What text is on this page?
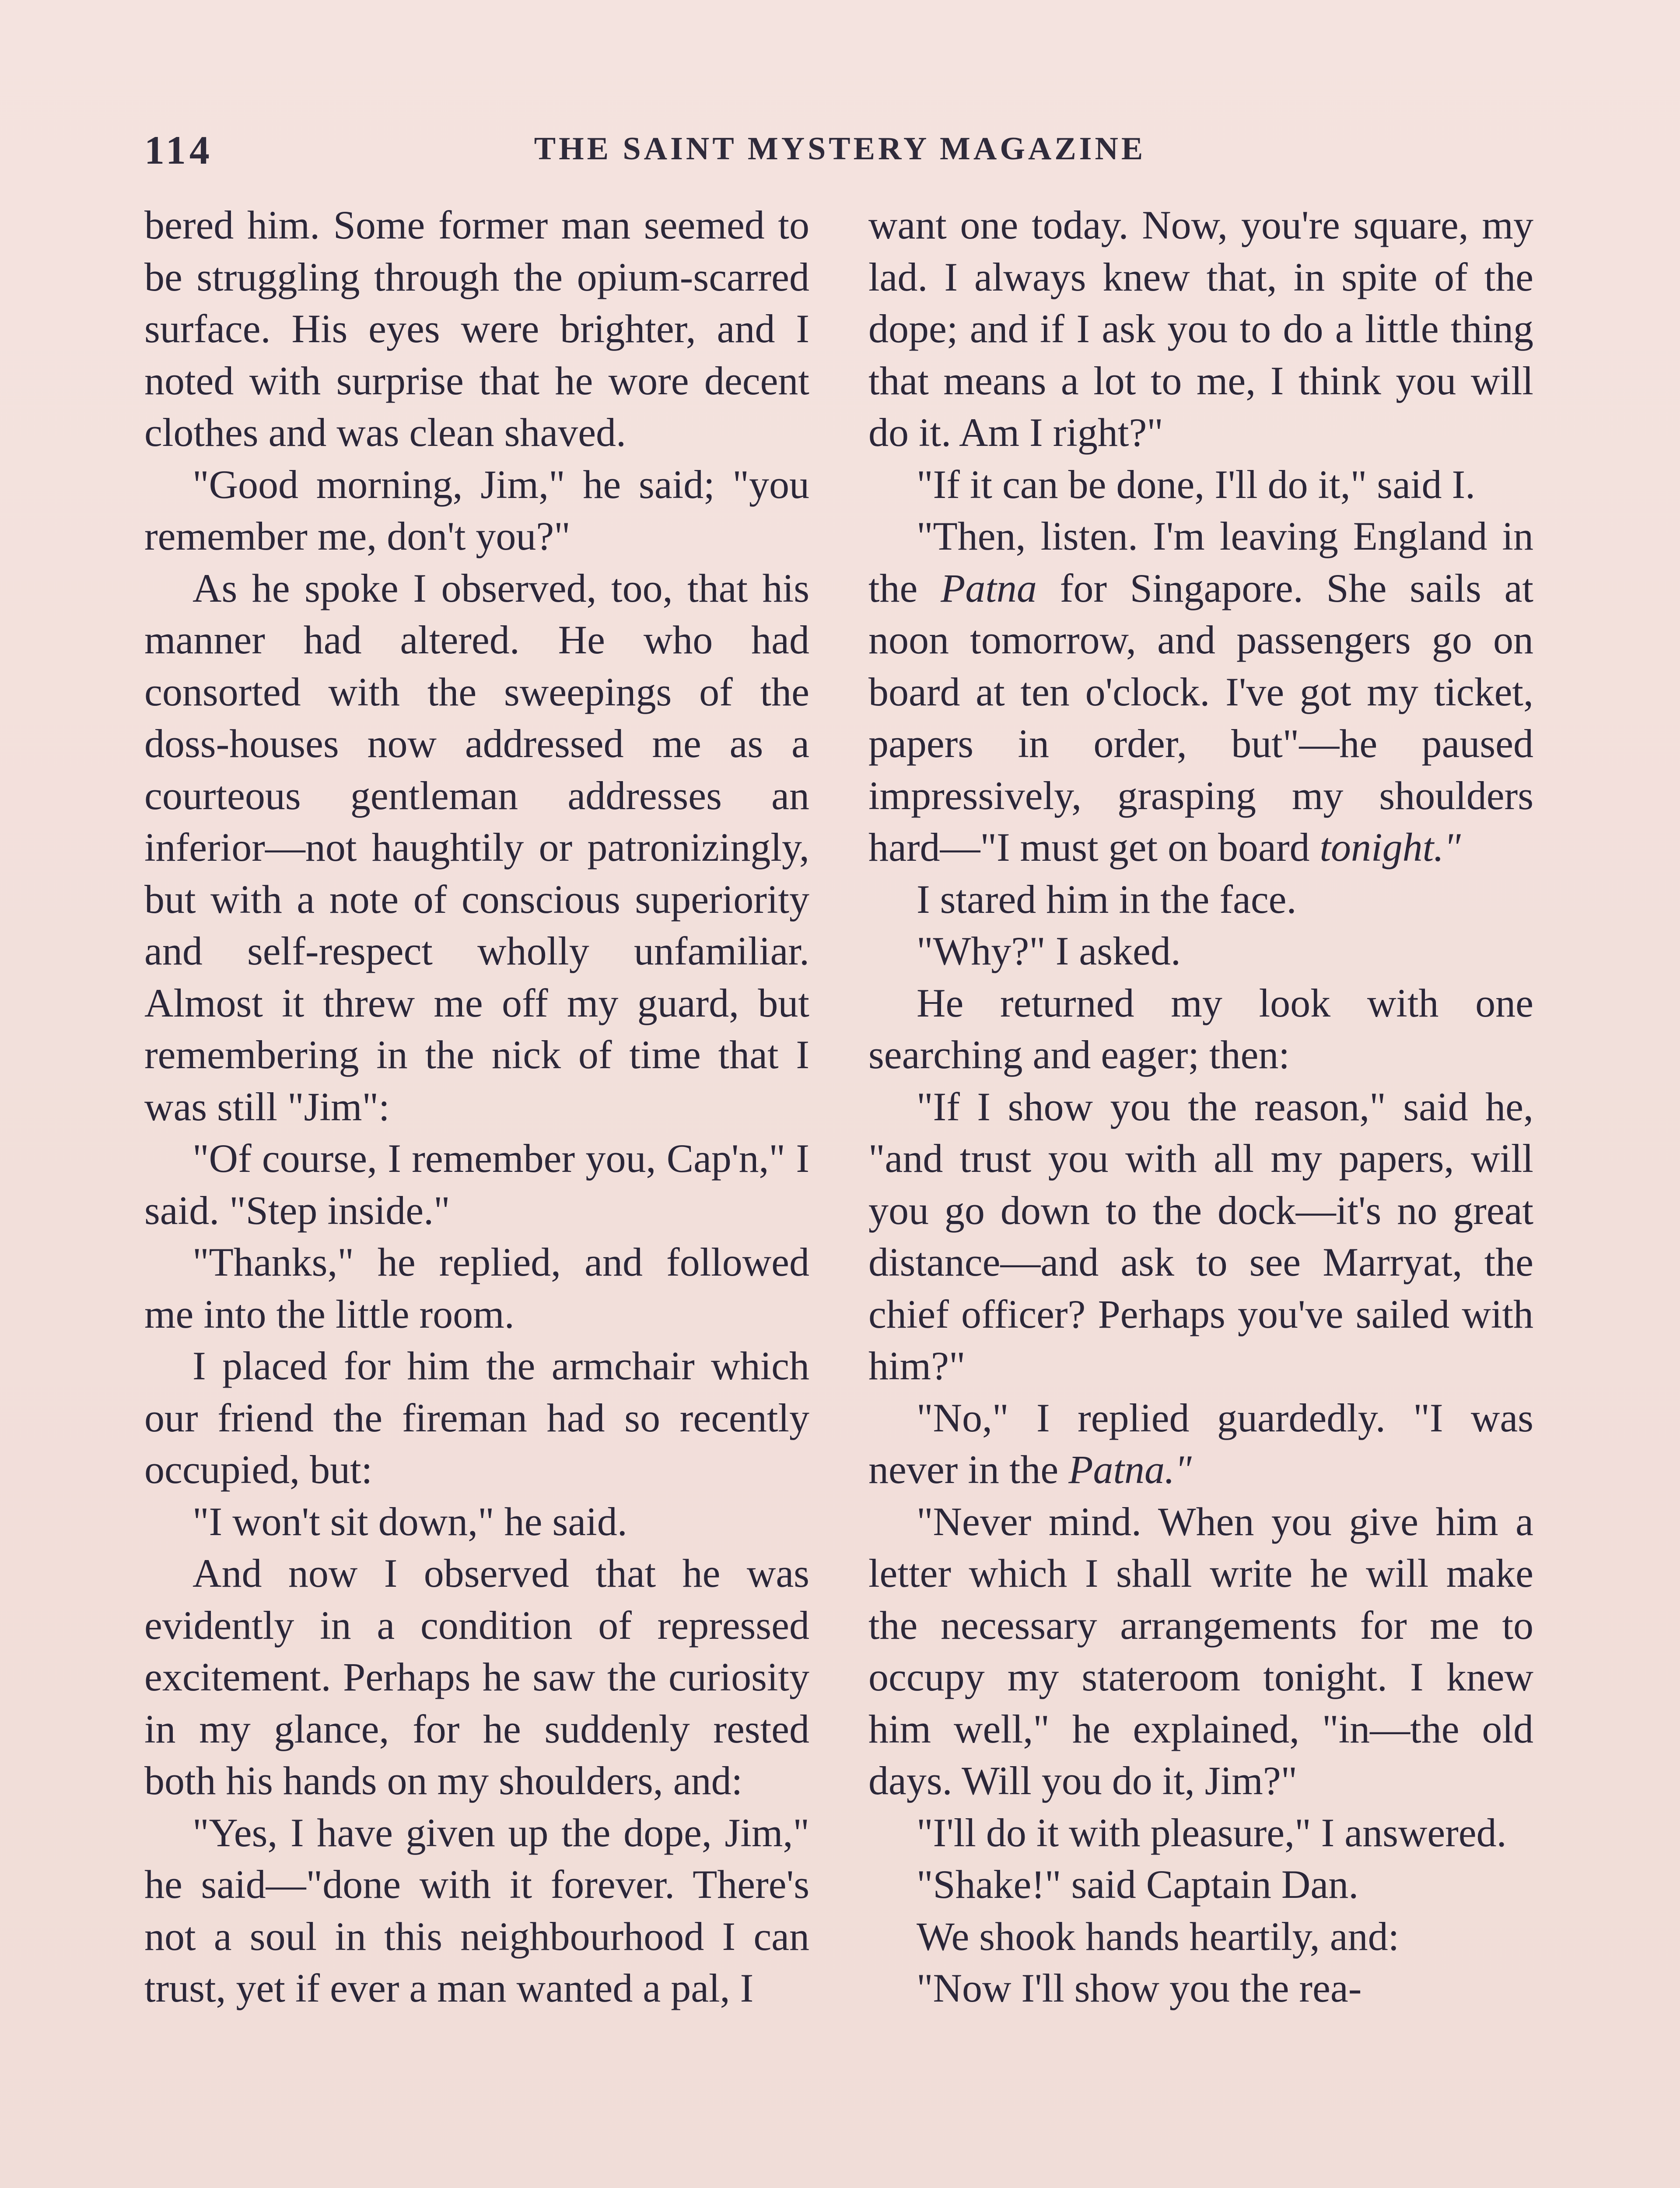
114	THE SAINT MYSTERY MAGAZINE

bered him. Some former man seemed to be struggling through the opium-scarred surface. His eyes were brighter, and I noted with surprise that he wore decent clothes and was clean shaved.

"Good morning, Jim," he said; "you remember me, don't you?"

As he spoke I observed, too, that his manner had altered. He who had consorted with the sweepings of the doss-houses now addressed me as a courteous gentleman addresses an inferior—not haughtily or patronizingly, but with a note of conscious superiority and self-respect wholly unfamiliar. Almost it threw me off my guard, but remembering in the nick of time that I was still "Jim":

"Of course, I remember you, Cap'n," I said. "Step inside."

"Thanks," he replied, and followed me into the little room.

I placed for him the armchair which our friend the fireman had so recently occupied, but:

"I won't sit down," he said.

And now I observed that he was evidently in a condition of repressed excitement. Perhaps he saw the curiosity in my glance, for he suddenly rested both his hands on my shoulders, and:

"Yes, I have given up the dope, Jim," he said—"done with it forever. There's not a soul in this neighbourhood I can trust, yet if ever a man wanted a pal, I

want one today. Now, you're square, my lad. I always knew that, in spite of the dope; and if I ask you to do a little thing that means a lot to me, I think you will do it. Am I right?"

"If it can be done, I'll do it," said I.

"Then, listen. I'm leaving England in the Patna for Singapore. She sails at noon tomorrow, and passengers go on board at ten o'clock. I've got my ticket, papers in order, but"—he paused impressively, grasping my shoulders hard—"I must get on board tonight."

I stared him in the face.

"Why?" I asked.

He returned my look with one searching and eager; then:

"If I show you the reason," said he, "and trust you with all my papers, will you go down to the dock—it's no great distance—and ask to see Marryat, the chief officer? Perhaps you've sailed with him?"

"No," I replied guardedly. "I was never in the Patna."

"Never mind. When you give him a letter which I shall write he will make the necessary arrangements for me to occupy my stateroom tonight. I knew him well," he explained, "in—the old days. Will you do it, Jim?"

"I'll do it with pleasure," I answered.

"Shake!" said Captain Dan.

We shook hands heartily, and:

"Now I'll show you the rea-
